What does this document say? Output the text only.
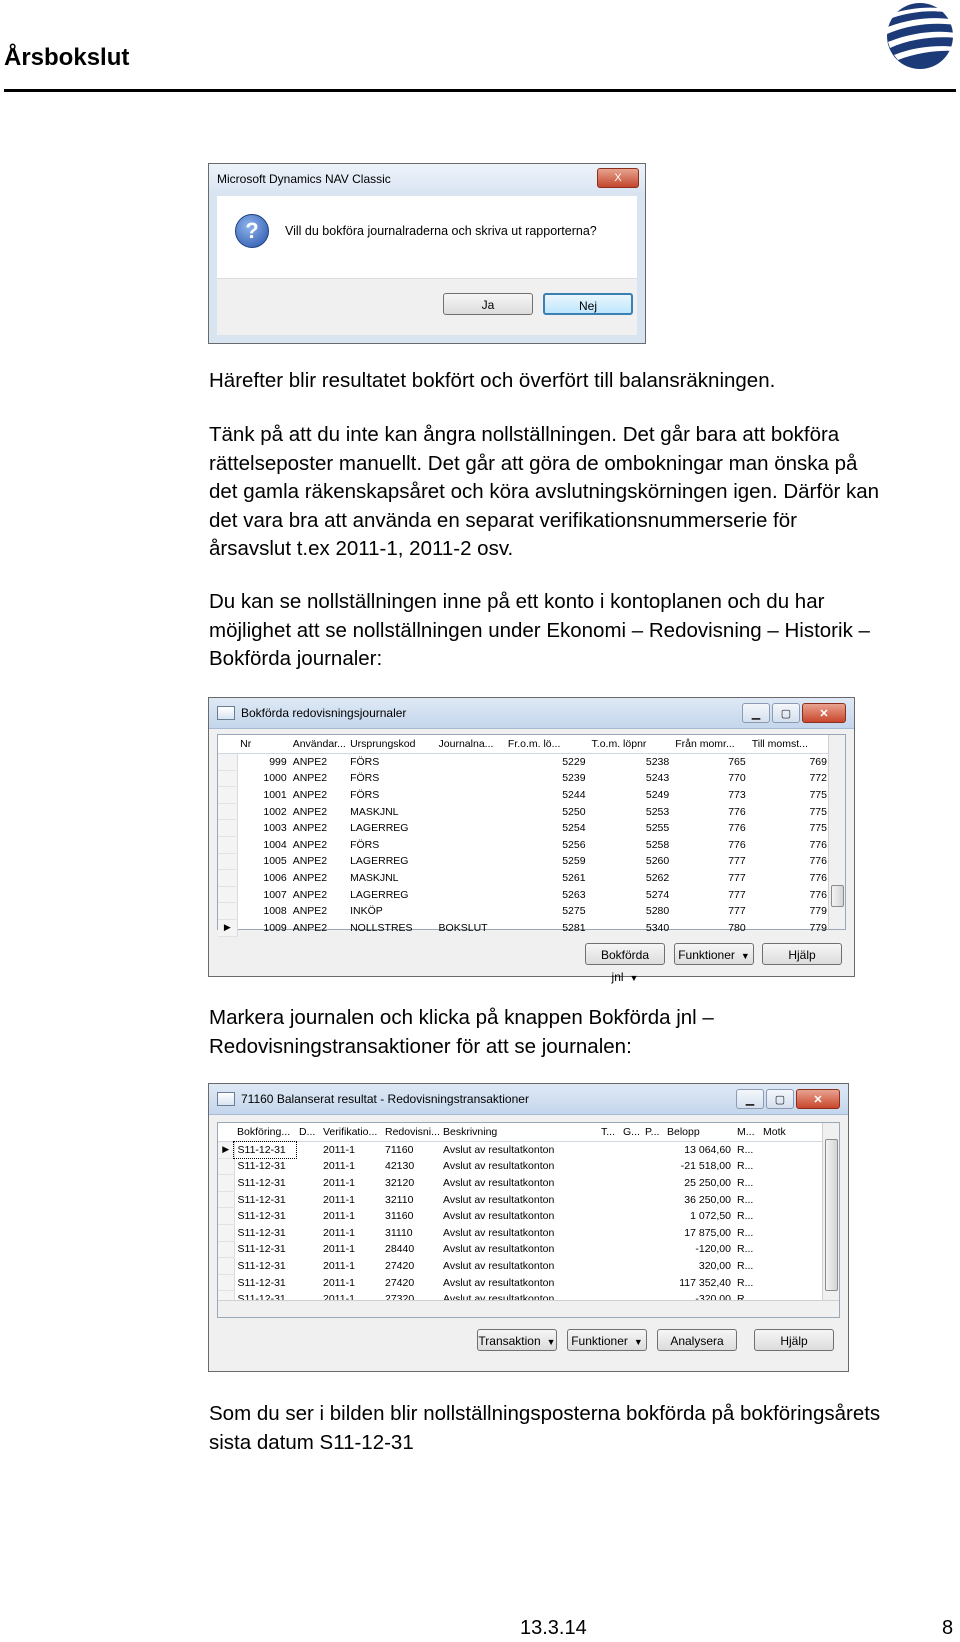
Årsbokslut
Microsoft Dynamics NAV Classic	X
?	Vill du bokföra journalraderna och skriva ut rapporterna?
Ja	Nej
Härefter blir resultatet bokfört och överfört till balansräkningen.
Tänk på att du inte kan ångra nollställningen. Det går bara att bokföra
rättelseposter manuellt. Det går att göra de ombokningar man önska på
det gamla räkenskapsåret och köra avslutningskörningen igen. Därför kan
det vara bra att använda en separat verifikationsnummerserie för
årsavslut t.ex 2011-1, 2011-2 osv.
Du kan se nollställningen inne på ett konto i kontoplanen och du har
möjlighet att se nollställningen under Ekonomi – Redovisning – Historik –
Bokförda journaler:
Bokförda redovisningsjournaler	▁	▢	✕
	Nr	Användar...	Ursprungskod	Journalna...	Fr.o.m. lö...	T.o.m. löpnr	Från momr...	Till momst...
	999	ANPE2	FÖRS		5229	5238	765	769
	1000	ANPE2	FÖRS		5239	5243	770	772
	1001	ANPE2	FÖRS		5244	5249	773	775
	1002	ANPE2	MASKJNL		5250	5253	776	775
	1003	ANPE2	LAGERREG		5254	5255	776	775
	1004	ANPE2	FÖRS		5256	5258	776	776
	1005	ANPE2	LAGERREG		5259	5260	777	776
	1006	ANPE2	MASKJNL		5261	5262	777	776
	1007	ANPE2	LAGERREG		5263	5274	777	776
	1008	ANPE2	INKÖP		5275	5280	777	779
▶	1009	ANPE2	NOLLSTRES	BOKSLUT	5281	5340	780	779
Bokförda jnl ▼
Funktioner ▼	Hjälp
Markera journalen och klicka på knappen Bokförda jnl –
Redovisningstransaktioner för att se journalen:
71160 Balanserat resultat - Redovisningstransaktioner	▁	▢	✕
	Bokföring...	D...	Verifikatio...	Redovisni...	Beskrivning	T...	G...	P...	Belopp	M...	Motk
▶	S11-12-31		2011-1	71160	Avslut av resultatkonton				13 064,60	R...	
	S11-12-31		2011-1	42130	Avslut av resultatkonton				-21 518,00	R...	
	S11-12-31		2011-1	32120	Avslut av resultatkonton				25 250,00	R...	
	S11-12-31		2011-1	32110	Avslut av resultatkonton				36 250,00	R...	
	S11-12-31		2011-1	31160	Avslut av resultatkonton				1 072,50	R...	
	S11-12-31		2011-1	31110	Avslut av resultatkonton				17 875,00	R...	
	S11-12-31		2011-1	28440	Avslut av resultatkonton				-120,00	R...	
	S11-12-31		2011-1	27420	Avslut av resultatkonton				320,00	R...	
	S11-12-31		2011-1	27420	Avslut av resultatkonton				117 352,40	R...	

Transaktion ▼	Funktioner ▼	Analysera	Hjälp
Som du ser i bilden blir nollställningsposterna bokförda på bokföringsårets
sista datum S11-12-31
13.3.14	8
